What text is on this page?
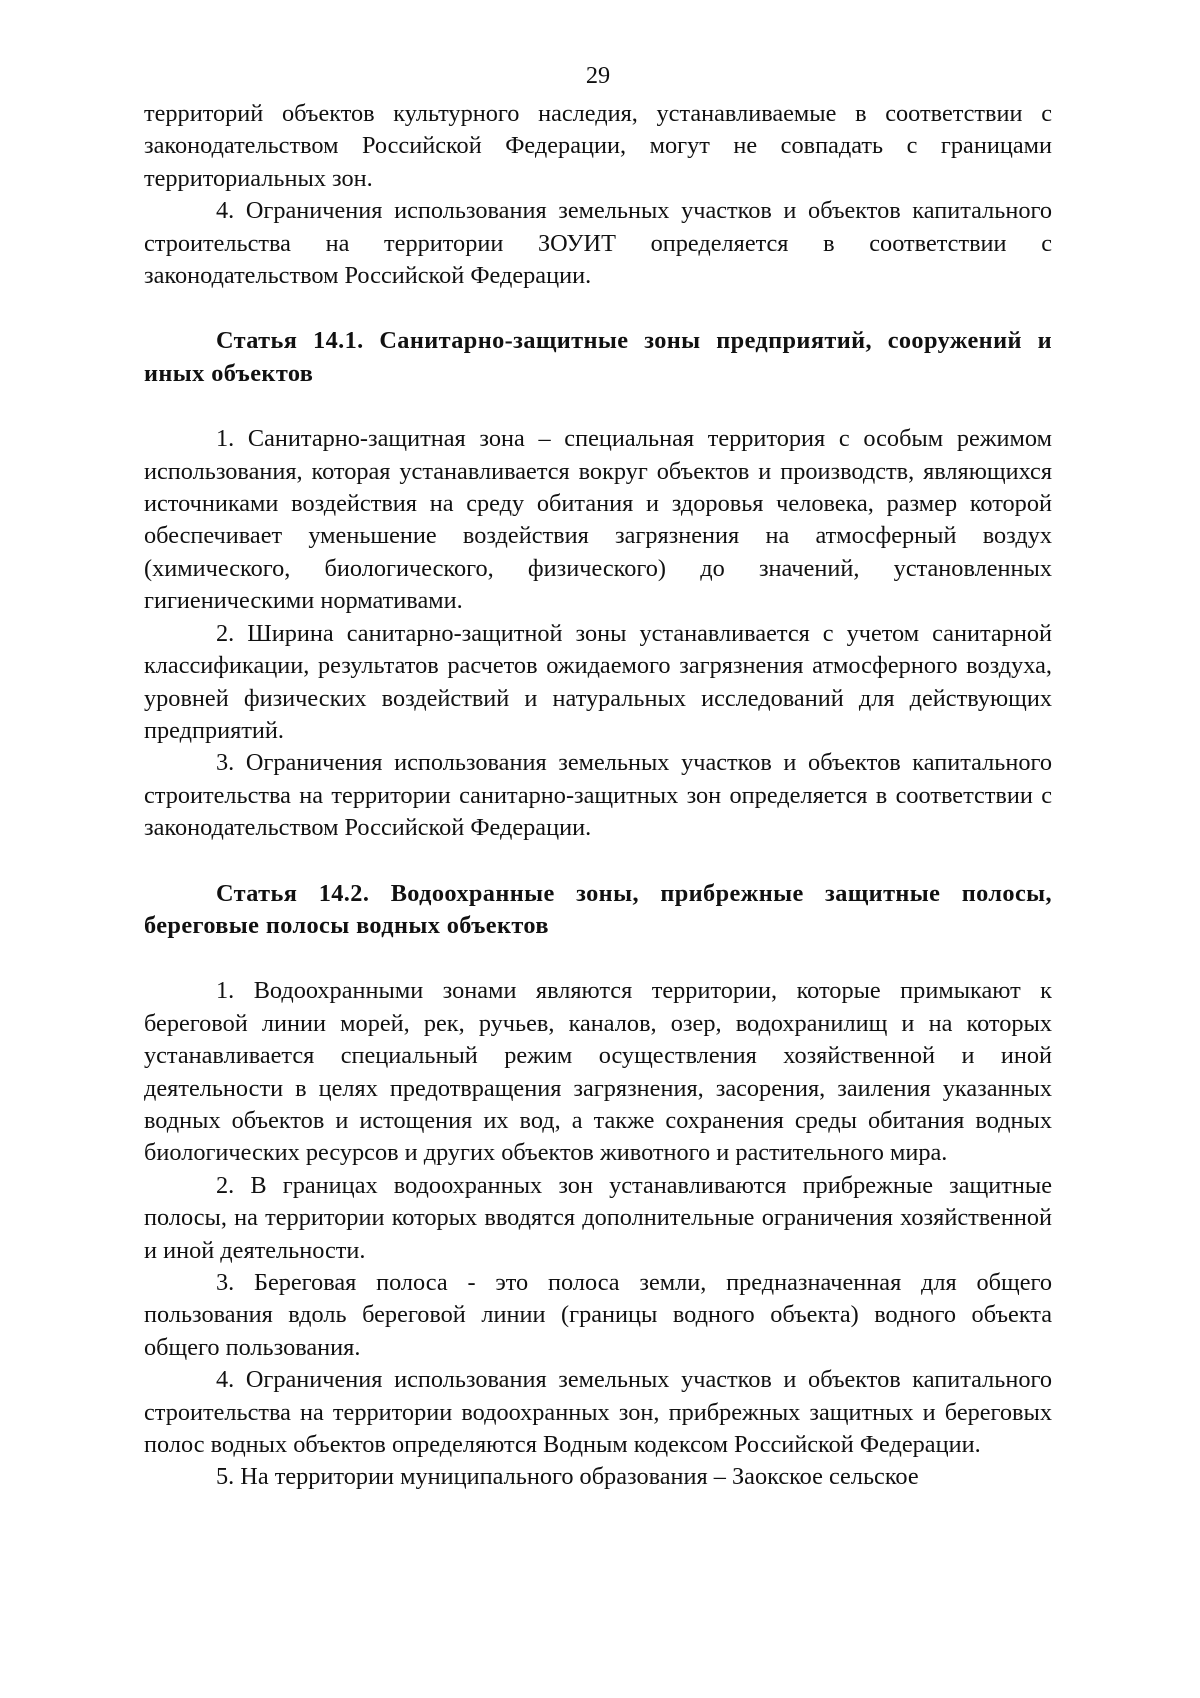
29

территорий объектов культурного наследия, устанавливаемые в соответствии с законодательством Российской Федерации, могут не совпадать с границами территориальных зон.

4. Ограничения использования земельных участков и объектов капитального строительства на территории ЗОУИТ определяется в соответствии с законодательством Российской Федерации.

Статья 14.1. Санитарно-защитные зоны предприятий, сооружений и иных объектов

1. Санитарно-защитная зона – специальная территория с особым режимом использования, которая устанавливается вокруг объектов и производств, являющихся источниками воздействия на среду обитания и здоровья человека, размер которой обеспечивает уменьшение воздействия загрязнения на атмосферный воздух (химического, биологического, физического) до значений, установленных гигиеническими нормативами.

2. Ширина санитарно-защитной зоны устанавливается с учетом санитарной классификации, результатов расчетов ожидаемого загрязнения атмосферного воздуха, уровней физических воздействий и натуральных исследований для действующих предприятий.

3. Ограничения использования земельных участков и объектов капитального строительства на территории санитарно-защитных зон определяется в соответствии с законодательством Российской Федерации.

Статья 14.2. Водоохранные зоны, прибрежные защитные полосы, береговые полосы водных объектов

1. Водоохранными зонами являются территории, которые примыкают к береговой линии морей, рек, ручьев, каналов, озер, водохранилищ и на которых устанавливается специальный режим осуществления хозяйственной и иной деятельности в целях предотвращения загрязнения, засорения, заиления указанных водных объектов и истощения их вод, а также сохранения среды обитания водных биологических ресурсов и других объектов животного и растительного мира.

2. В границах водоохранных зон устанавливаются прибрежные защитные полосы, на территории которых вводятся дополнительные ограничения хозяйственной и иной деятельности.

3. Береговая полоса - это полоса земли, предназначенная для общего пользования вдоль береговой линии (границы водного объекта) водного объекта общего пользования.

4. Ограничения использования земельных участков и объектов капитального строительства на территории водоохранных зон, прибрежных защитных и береговых полос водных объектов определяются Водным кодексом Российской Федерации.

5. На территории муниципального образования – Заокское сельское
